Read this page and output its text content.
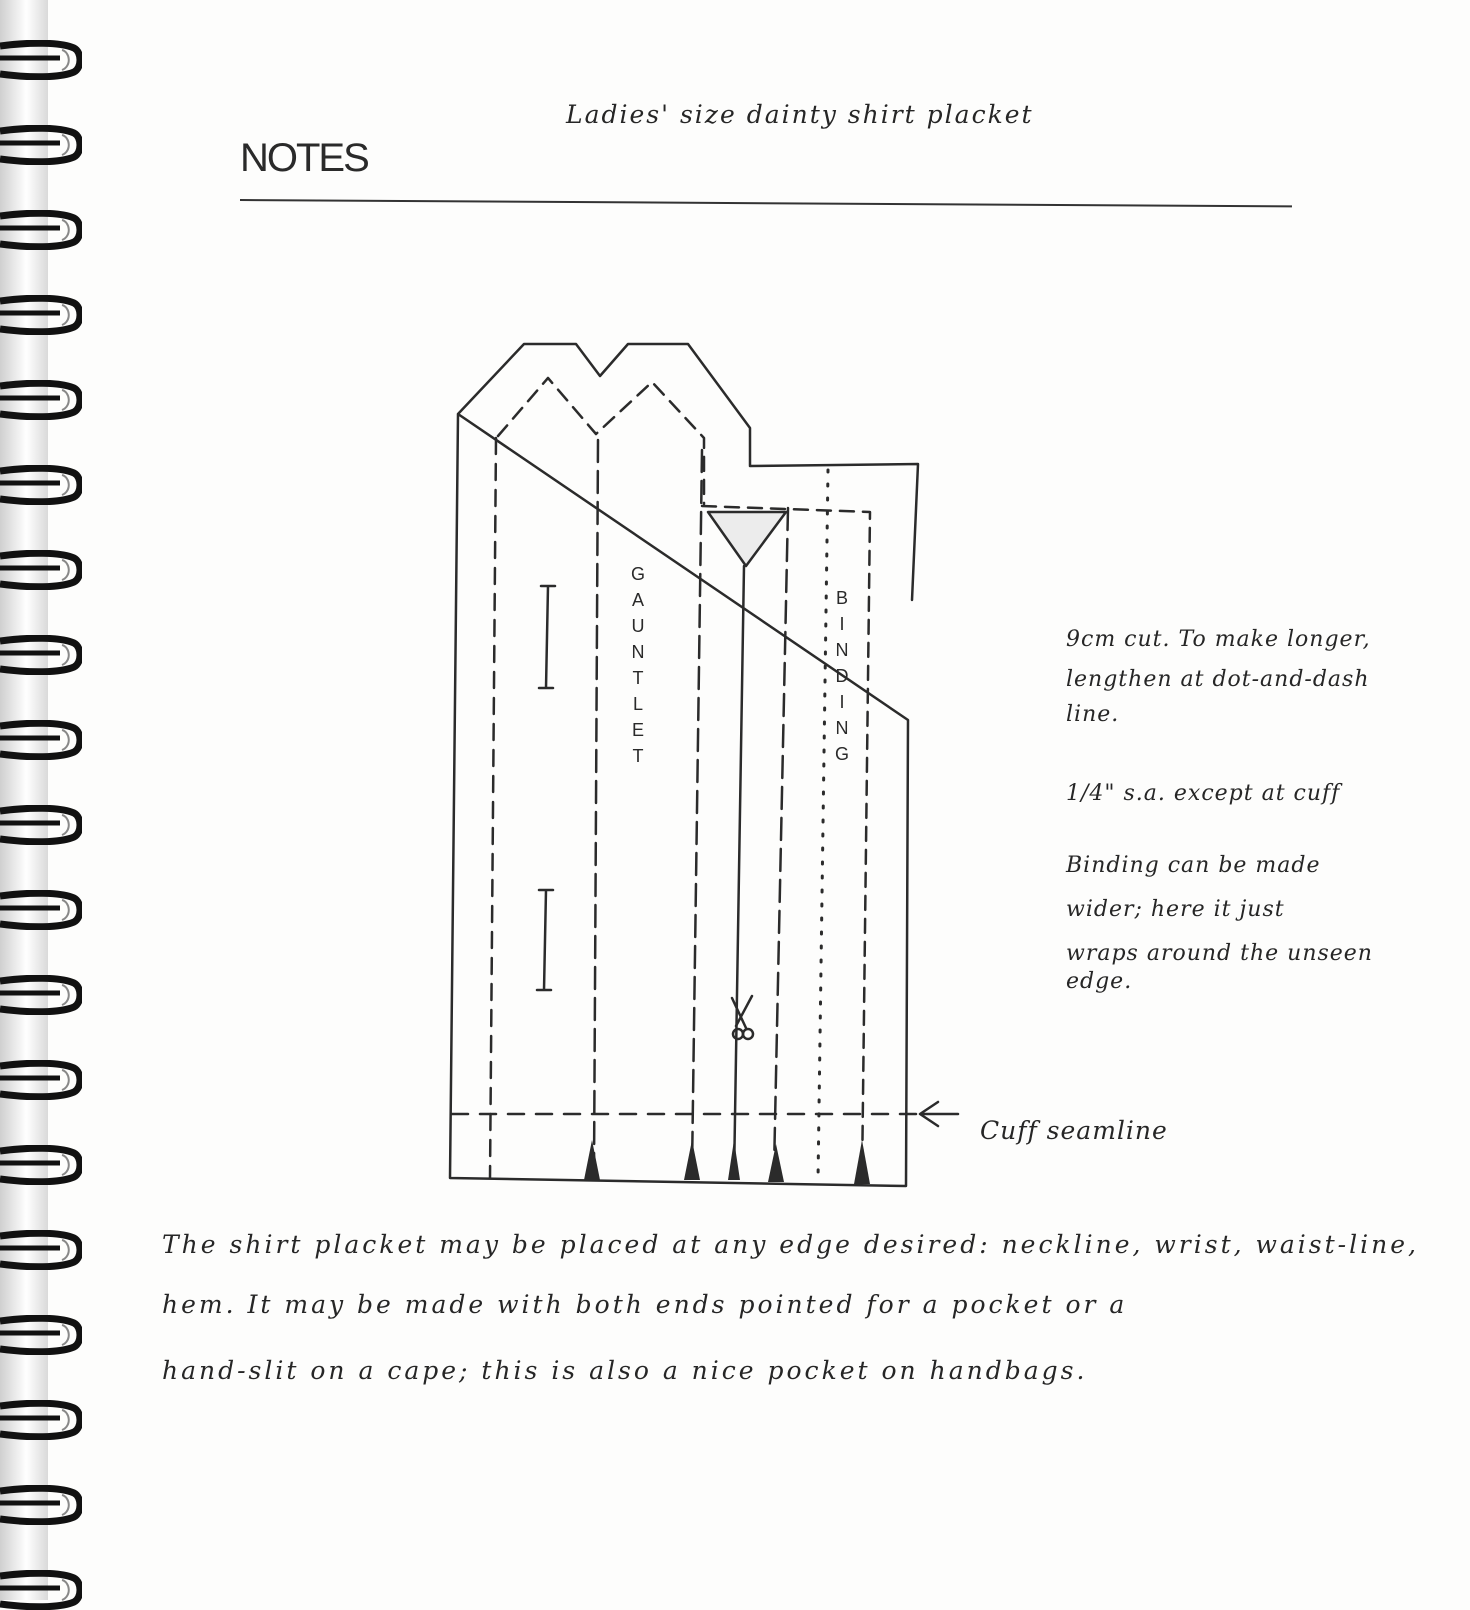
NOTES
Ladies' size dainty shirt placket
G
A
U
N
T
L
E
T
B
I
N
D
I
N
G
Cuff seamline
9cm cut. To make longer,
lengthen at dot-and-dash
line.
1/4" s.a. except at cuff
Binding can be made
wider; here it just
wraps around the unseen
edge.
The shirt placket may be placed at any edge desired: neckline, wrist, waist-line,
hem. It may be made with both ends pointed for a pocket or a
hand-slit on a cape; this is also a nice pocket on handbags.
